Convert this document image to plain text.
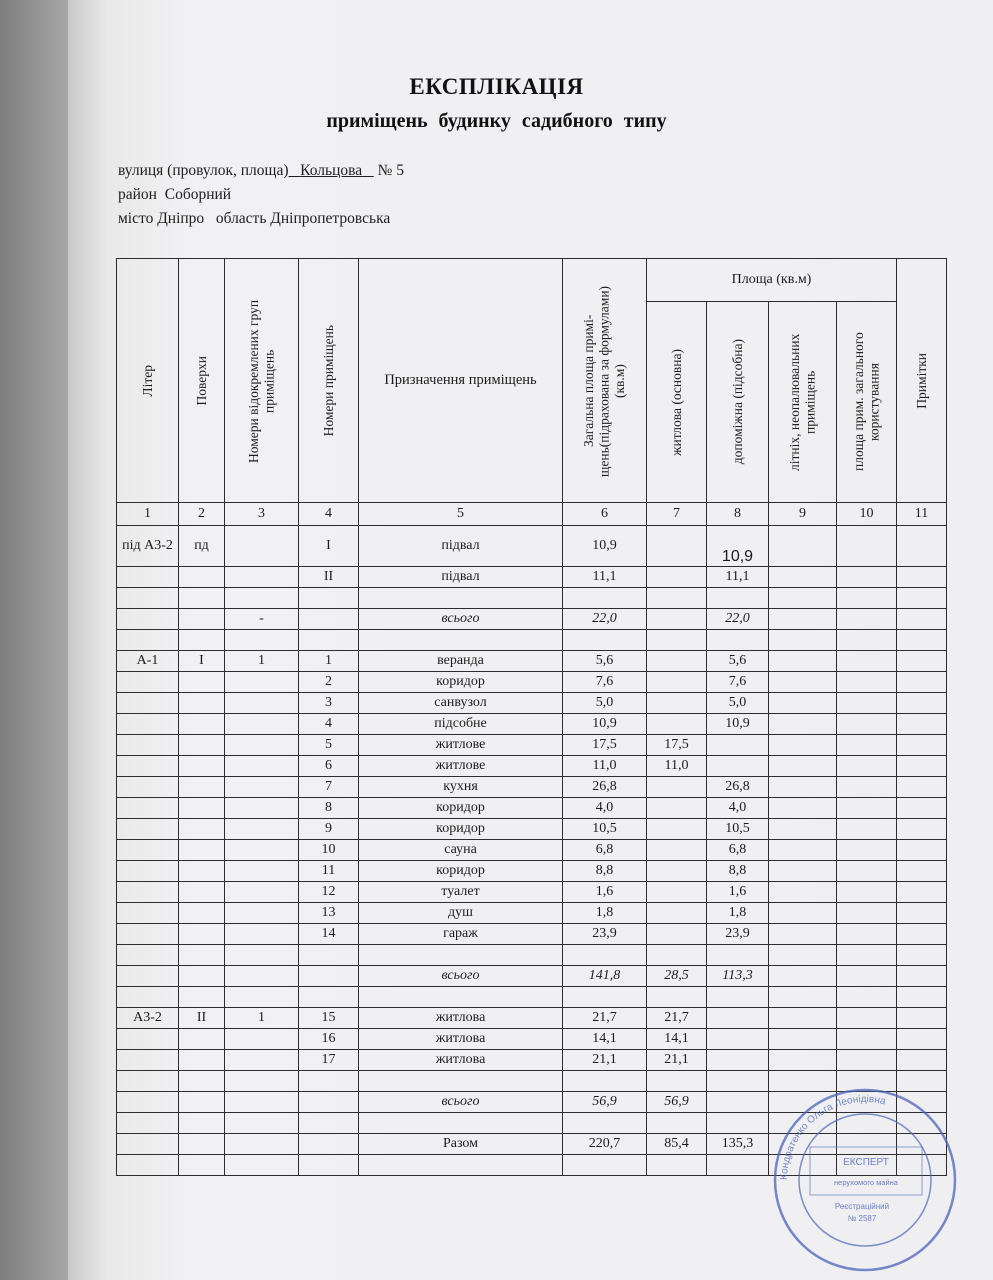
ЕКСПЛІКАЦІЯ
приміщень будинку садибного типу
вулиця (провулок, площа) Кольцова № 5
район Соборний
місто Дніпро область Дніпропетровська
Літер	Поверхи	Номери відокремлених груп приміщень	Номери приміщень	Призначення приміщень	Загальна площа примі-щень(підрахована за формулами) (кв.м)	Площа (кв.м)				Примітки

						житлова (основна)	допоміжна (підсобна)	літніх, неопалювальних приміщень	площа прим. загального користування	

1	2	3	4	5	6	7	8	9	10	11
під А3-2	пд		I	підвал	10,9		10,9			
			II	підвал	11,1		11,1			

		-		всього	22,0		22,0			

А-1	I	1	1	веранда	5,6		5,6			
			2	коридор	7,6		7,6			
			3	санвузол	5,0		5,0			
			4	підсобне	10,9		10,9			
			5	житлове	17,5	17,5				
			6	житлове	11,0	11,0				
			7	кухня	26,8		26,8			
			8	коридор	4,0		4,0			
			9	коридор	10,5		10,5			
			10	сауна	6,8		6,8			
			11	коридор	8,8		8,8			
			12	туалет	1,6		1,6			
			13	душ	1,8		1,8			
			14	гараж	23,9		23,9			

				всього	141,8	28,5	113,3			

А3-2	II	1	15	житлова	21,7	21,7				
			16	житлова	14,1	14,1				
			17	житлова	21,1	21,1				

				всього	56,9	56,9				

				Разом	220,7	85,4	135,3			

Кондратенко Ольга Леонідівна
ЕКСПЕРТ
нерухомого майна
Реєстраційний
№ 2587
